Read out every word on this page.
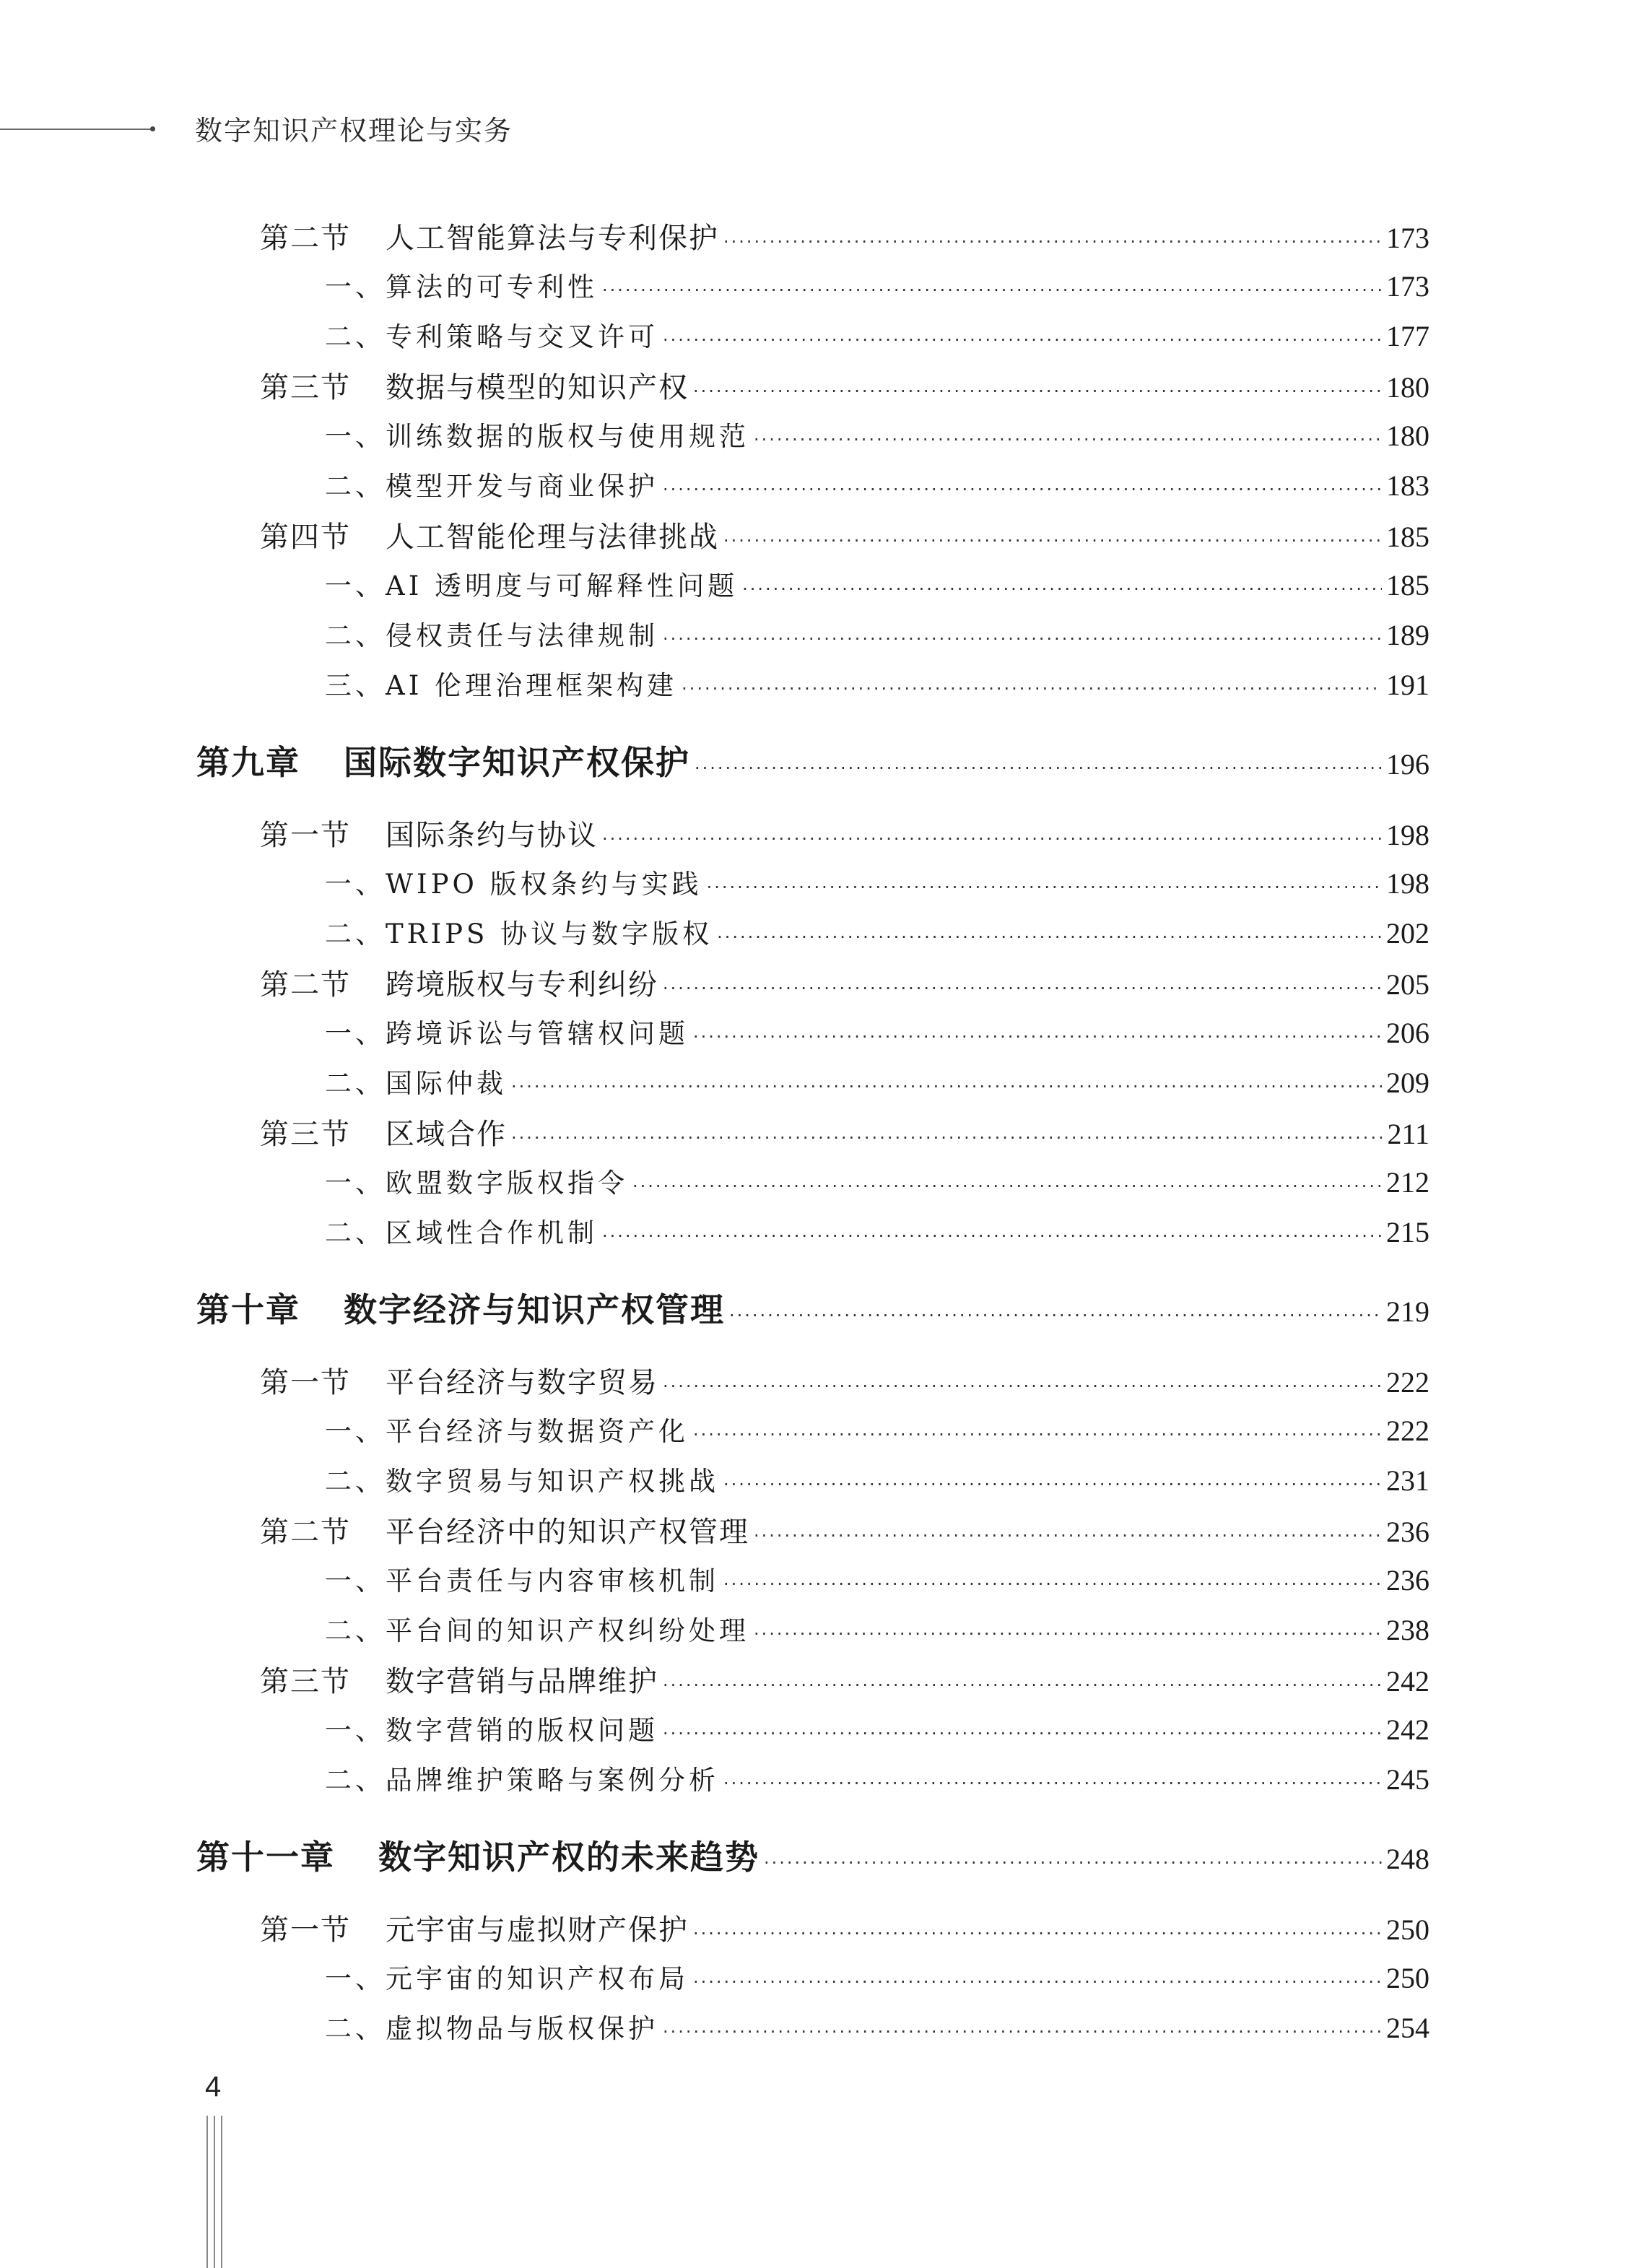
数字知识产权理论与实务
第二节 人工智能算法与专利保护 ·····	173
一、算法的可专利性 ·····	173
二、专利策略与交叉许可 ·····	177
第三节 数据与模型的知识产权 ·····	180
一、训练数据的版权与使用规范 ·····	180
二、模型开发与商业保护 ·····	183
第四节 人工智能伦理与法律挑战 ·····	185
一、AI 透明度与可解释性问题 ·····	185
二、侵权责任与法律规制 ·····	189
三、AI 伦理治理框架构建 ·····	191
第九章 国际数字知识产权保护 ·····	196
第一节 国际条约与协议 ·····	198
一、WIPO 版权条约与实践 ·····	198
二、TRIPS 协议与数字版权 ·····	202
第二节 跨境版权与专利纠纷 ·····	205
一、跨境诉讼与管辖权问题 ·····	206
二、国际仲裁 ·····	209
第三节 区域合作 ·····	211
一、欧盟数字版权指令 ·····	212
二、区域性合作机制 ·····	215
第十章 数字经济与知识产权管理 ·····	219
第一节 平台经济与数字贸易 ·····	222
一、平台经济与数据资产化 ·····	222
二、数字贸易与知识产权挑战 ·····	231
第二节 平台经济中的知识产权管理 ·····	236
一、平台责任与内容审核机制 ·····	236
二、平台间的知识产权纠纷处理 ·····	238
第三节 数字营销与品牌维护 ·····	242
一、数字营销的版权问题 ·····	242
二、品牌维护策略与案例分析 ·····	245
第十一章 数字知识产权的未来趋势 ·····	248
第一节 元宇宙与虚拟财产保护 ·····	250
一、元宇宙的知识产权布局 ·····	250
二、虚拟物品与版权保护 ·····	254
4
